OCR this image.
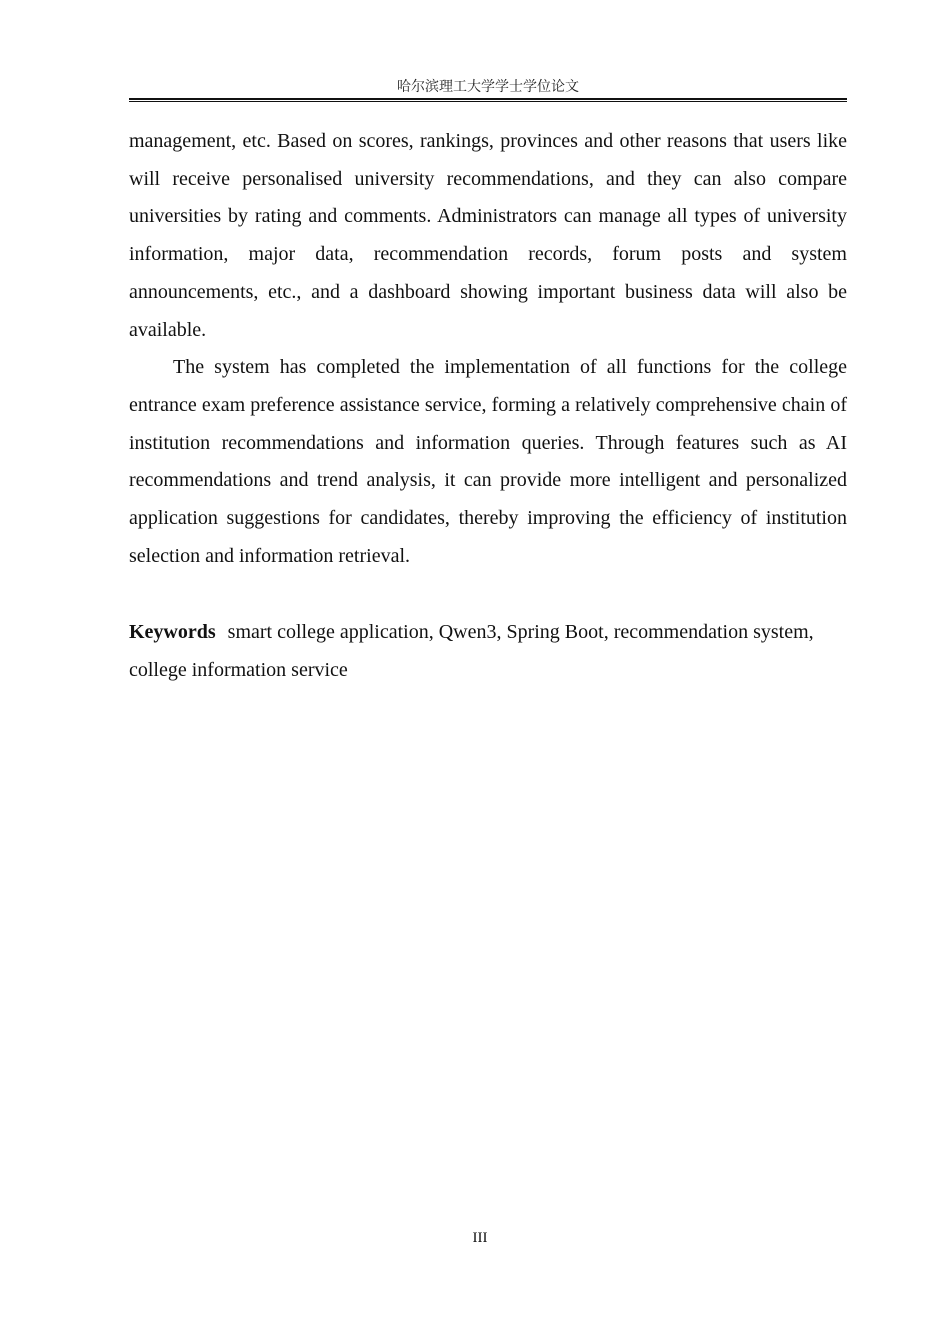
哈尔滨理工大学学士学位论文

management, etc. Based on scores, rankings, provinces and other reasons that users like will receive personalised university recommendations, and they can also compare universities by rating and comments. Administrators can manage all types of university information, major data, recommendation records, forum posts and system announcements, etc., and a dashboard showing important business data will also be available.

The system has completed the implementation of all functions for the college entrance exam preference assistance service, forming a relatively comprehensive chain of institution recommendations and information queries. Through features such as AI recommendations and trend analysis, it can provide more intelligent and personalized application suggestions for candidates, thereby improving the efficiency of institution selection and information retrieval.

Keywords smart college application, Qwen3, Spring Boot, recommendation system, college information service
III
